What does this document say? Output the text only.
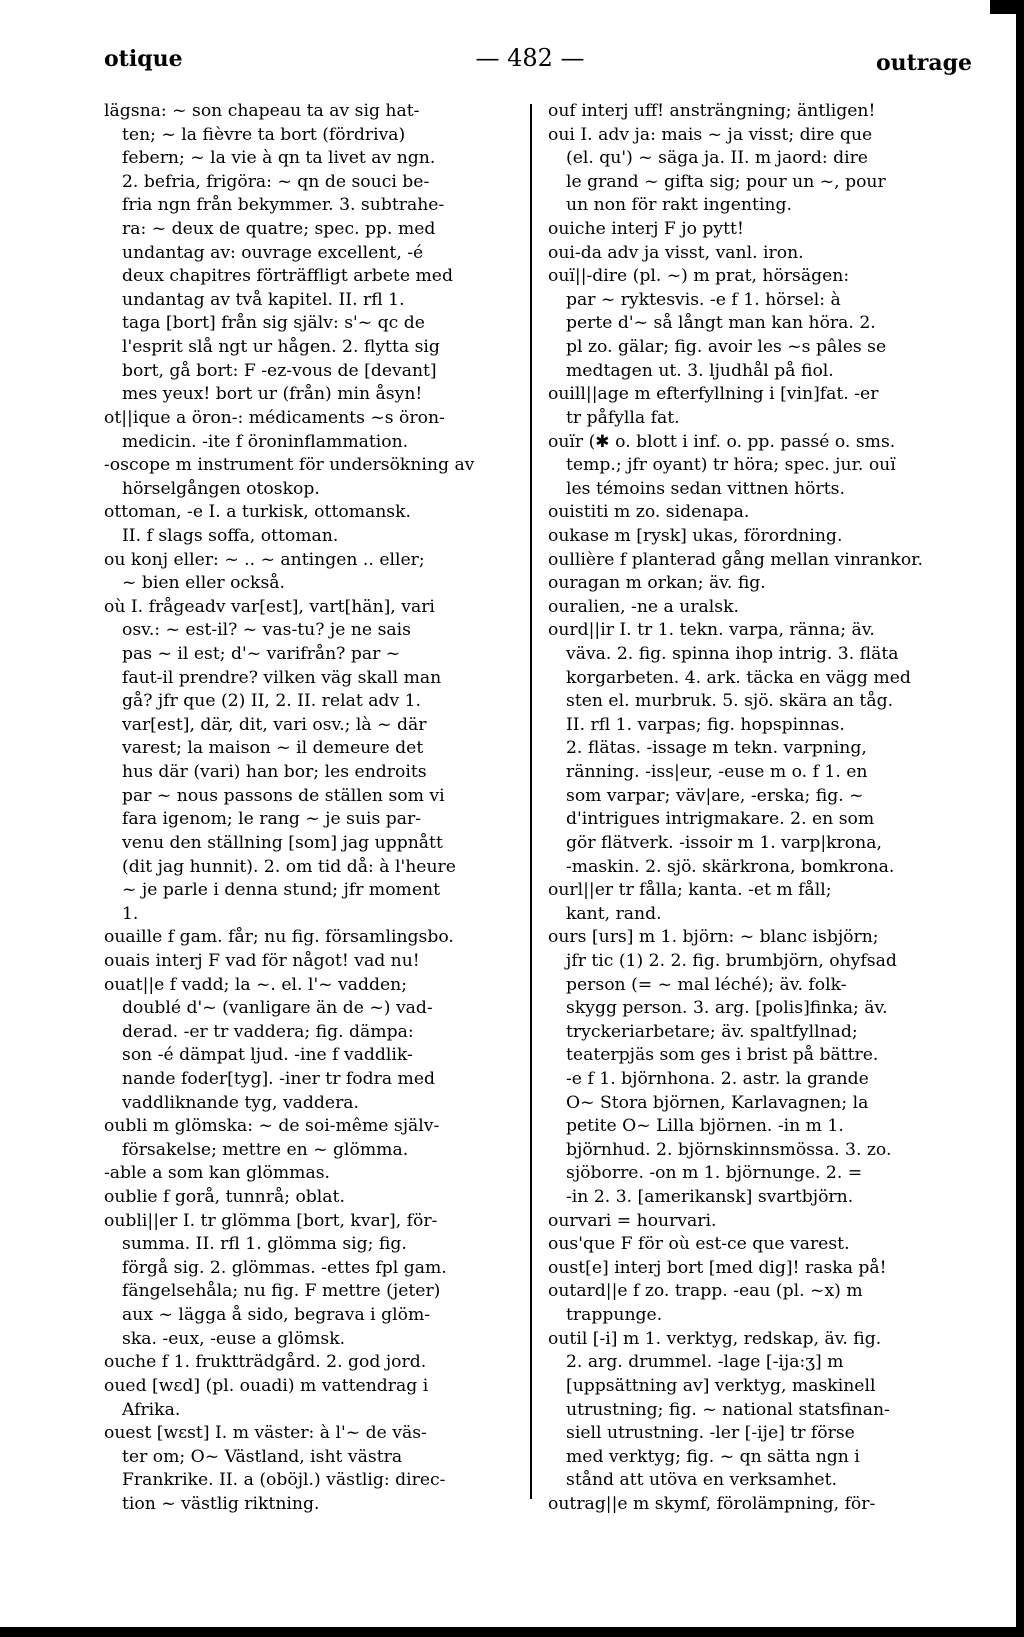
otique	— 482 —	outrage
lägsna: ~ son chapeau ta av sig hat-
ten; ~ la fièvre ta bort (fördriva)
febern; ~ la vie à qn ta livet av ngn.
2. befria, frigöra: ~ qn de souci be-
fria ngn från bekymmer. 3. subtrahe-
ra: ~ deux de quatre; spec. pp. med
undantag av: ouvrage excellent, -é
deux chapitres förträffligt arbete med
undantag av två kapitel. II. rfl 1.
taga [bort] från sig själv: s'~ qc de
l'esprit slå ngt ur hågen. 2. flytta sig
bort, gå bort: F -ez-vous de [devant]
mes yeux! bort ur (från) min åsyn!
ot||ique a öron-: médicaments ~s öron-
medicin. -ite f öroninflammation.
-oscope m instrument för undersökning av
hörselgången otoskop.
ottoman, -e I. a turkisk, ottomansk.
II. f slags soffa, ottoman.
ou konj eller: ~ .. ~ antingen .. eller;
~ bien eller också.
où I. frågeadv var[est], vart[hän], vari
osv.: ~ est-il? ~ vas-tu? je ne sais
pas ~ il est; d'~ varifrån? par ~
faut-il prendre? vilken väg skall man
gå? jfr que (2) II, 2. II. relat adv 1.
var[est], där, dit, vari osv.; là ~ där
varest; la maison ~ il demeure det
hus där (vari) han bor; les endroits
par ~ nous passons de ställen som vi
fara igenom; le rang ~ je suis par-
venu den ställning [som] jag uppnått
(dit jag hunnit). 2. om tid då: à l'heure
~ je parle i denna stund; jfr moment
1.
ouaille f gam. får; nu fig. församlingsbo.
ouais interj F vad för något! vad nu!
ouat||e f vadd; la ~. el. l'~ vadden;
doublé d'~ (vanligare än de ~) vad-
derad. -er tr vaddera; fig. dämpa:
son -é dämpat ljud. -ine f vaddlik-
nande foder[tyg]. -iner tr fodra med
vaddliknande tyg, vaddera.
oubli m glömska: ~ de soi-même själv-
försakelse; mettre en ~ glömma.
-able a som kan glömmas.
oublie f gorå, tunnrå; oblat.
oubli||er I. tr glömma [bort, kvar], för-
summa. II. rfl 1. glömma sig; fig.
förgå sig. 2. glömmas. -ettes fpl gam.
fängelsehåla; nu fig. F mettre (jeter)
aux ~ lägga å sido, begrava i glöm-
ska. -eux, -euse a glömsk.
ouche f 1. fruktträdgård. 2. god jord.
oued [wɛd] (pl. ouadi) m vattendrag i
Afrika.
ouest [wɛst] I. m väster: à l'~ de väs-
ter om; O~ Västland, isht västra
Frankrike. II. a (oböjl.) västlig: direc-
tion ~ västlig riktning.
ouf interj uff! ansträngning; äntligen!
oui I. adv ja: mais ~ ja visst; dire que
(el. qu') ~ säga ja. II. m jaord: dire
le grand ~ gifta sig; pour un ~, pour
un non för rakt ingenting.
ouiche interj F jo pytt!
oui-da adv ja visst, vanl. iron.
ouï||-dire (pl. ~) m prat, hörsägen:
par ~ ryktesvis. -e f 1. hörsel: à
perte d'~ så långt man kan höra. 2.
pl zo. gälar; fig. avoir les ~s pâles se
medtagen ut. 3. ljudhål på fiol.
ouill||age m efterfyllning i [vin]fat. -er
tr påfylla fat.
ouïr (✱ o. blott i inf. o. pp. passé o. sms.
temp.; jfr oyant) tr höra; spec. jur. ouï
les témoins sedan vittnen hörts.
ouistiti m zo. sidenapa.
oukase m [rysk] ukas, förordning.
oullière f planterad gång mellan vinrankor.
ouragan m orkan; äv. fig.
ouralien, -ne a uralsk.
ourd||ir I. tr 1. tekn. varpa, ränna; äv.
väva. 2. fig. spinna ihop intrig. 3. fläta
korgarbeten. 4. ark. täcka en vägg med
sten el. murbruk. 5. sjö. skära an tåg.
II. rfl 1. varpas; fig. hopspinnas.
2. flätas. -issage m tekn. varpning,
ränning. -iss|eur, -euse m o. f 1. en
som varpar; väv|are, -erska; fig. ~
d'intrigues intrigmakare. 2. en som
gör flätverk. -issoir m 1. varp|krona,
-maskin. 2. sjö. skärkrona, bomkrona.
ourl||er tr fålla; kanta. -et m fåll;
kant, rand.
ours [urs] m 1. björn: ~ blanc isbjörn;
jfr tic (1) 2. 2. fig. brumbjörn, ohyfsad
person (= ~ mal léché); äv. folk-
skygg person. 3. arg. [polis]finka; äv.
tryckeriarbetare; äv. spaltfyllnad;
teaterpjäs som ges i brist på bättre.
-e f 1. björnhona. 2. astr. la grande
O~ Stora björnen, Karlavagnen; la
petite O~ Lilla björnen. -in m 1.
björnhud. 2. björnskinnsmössa. 3. zo.
sjöborre. -on m 1. björnunge. 2. =
-in 2. 3. [amerikansk] svartbjörn.
ourvari = hourvari.
ous'que F för où est-ce que varest.
oust[e] interj bort [med dig]! raska på!
outard||e f zo. trapp. -eau (pl. ~x) m
trappunge.
outil [-i] m 1. verktyg, redskap, äv. fig.
2. arg. drummel. -lage [-ija:ʒ] m
[uppsättning av] verktyg, maskinell
utrustning; fig. ~ national statsfinan-
siell utrustning. -ler [-ije] tr förse
med verktyg; fig. ~ qn sätta ngn i
stånd att utöva en verksamhet.
outrag||e m skymf, förolämpning, för-
